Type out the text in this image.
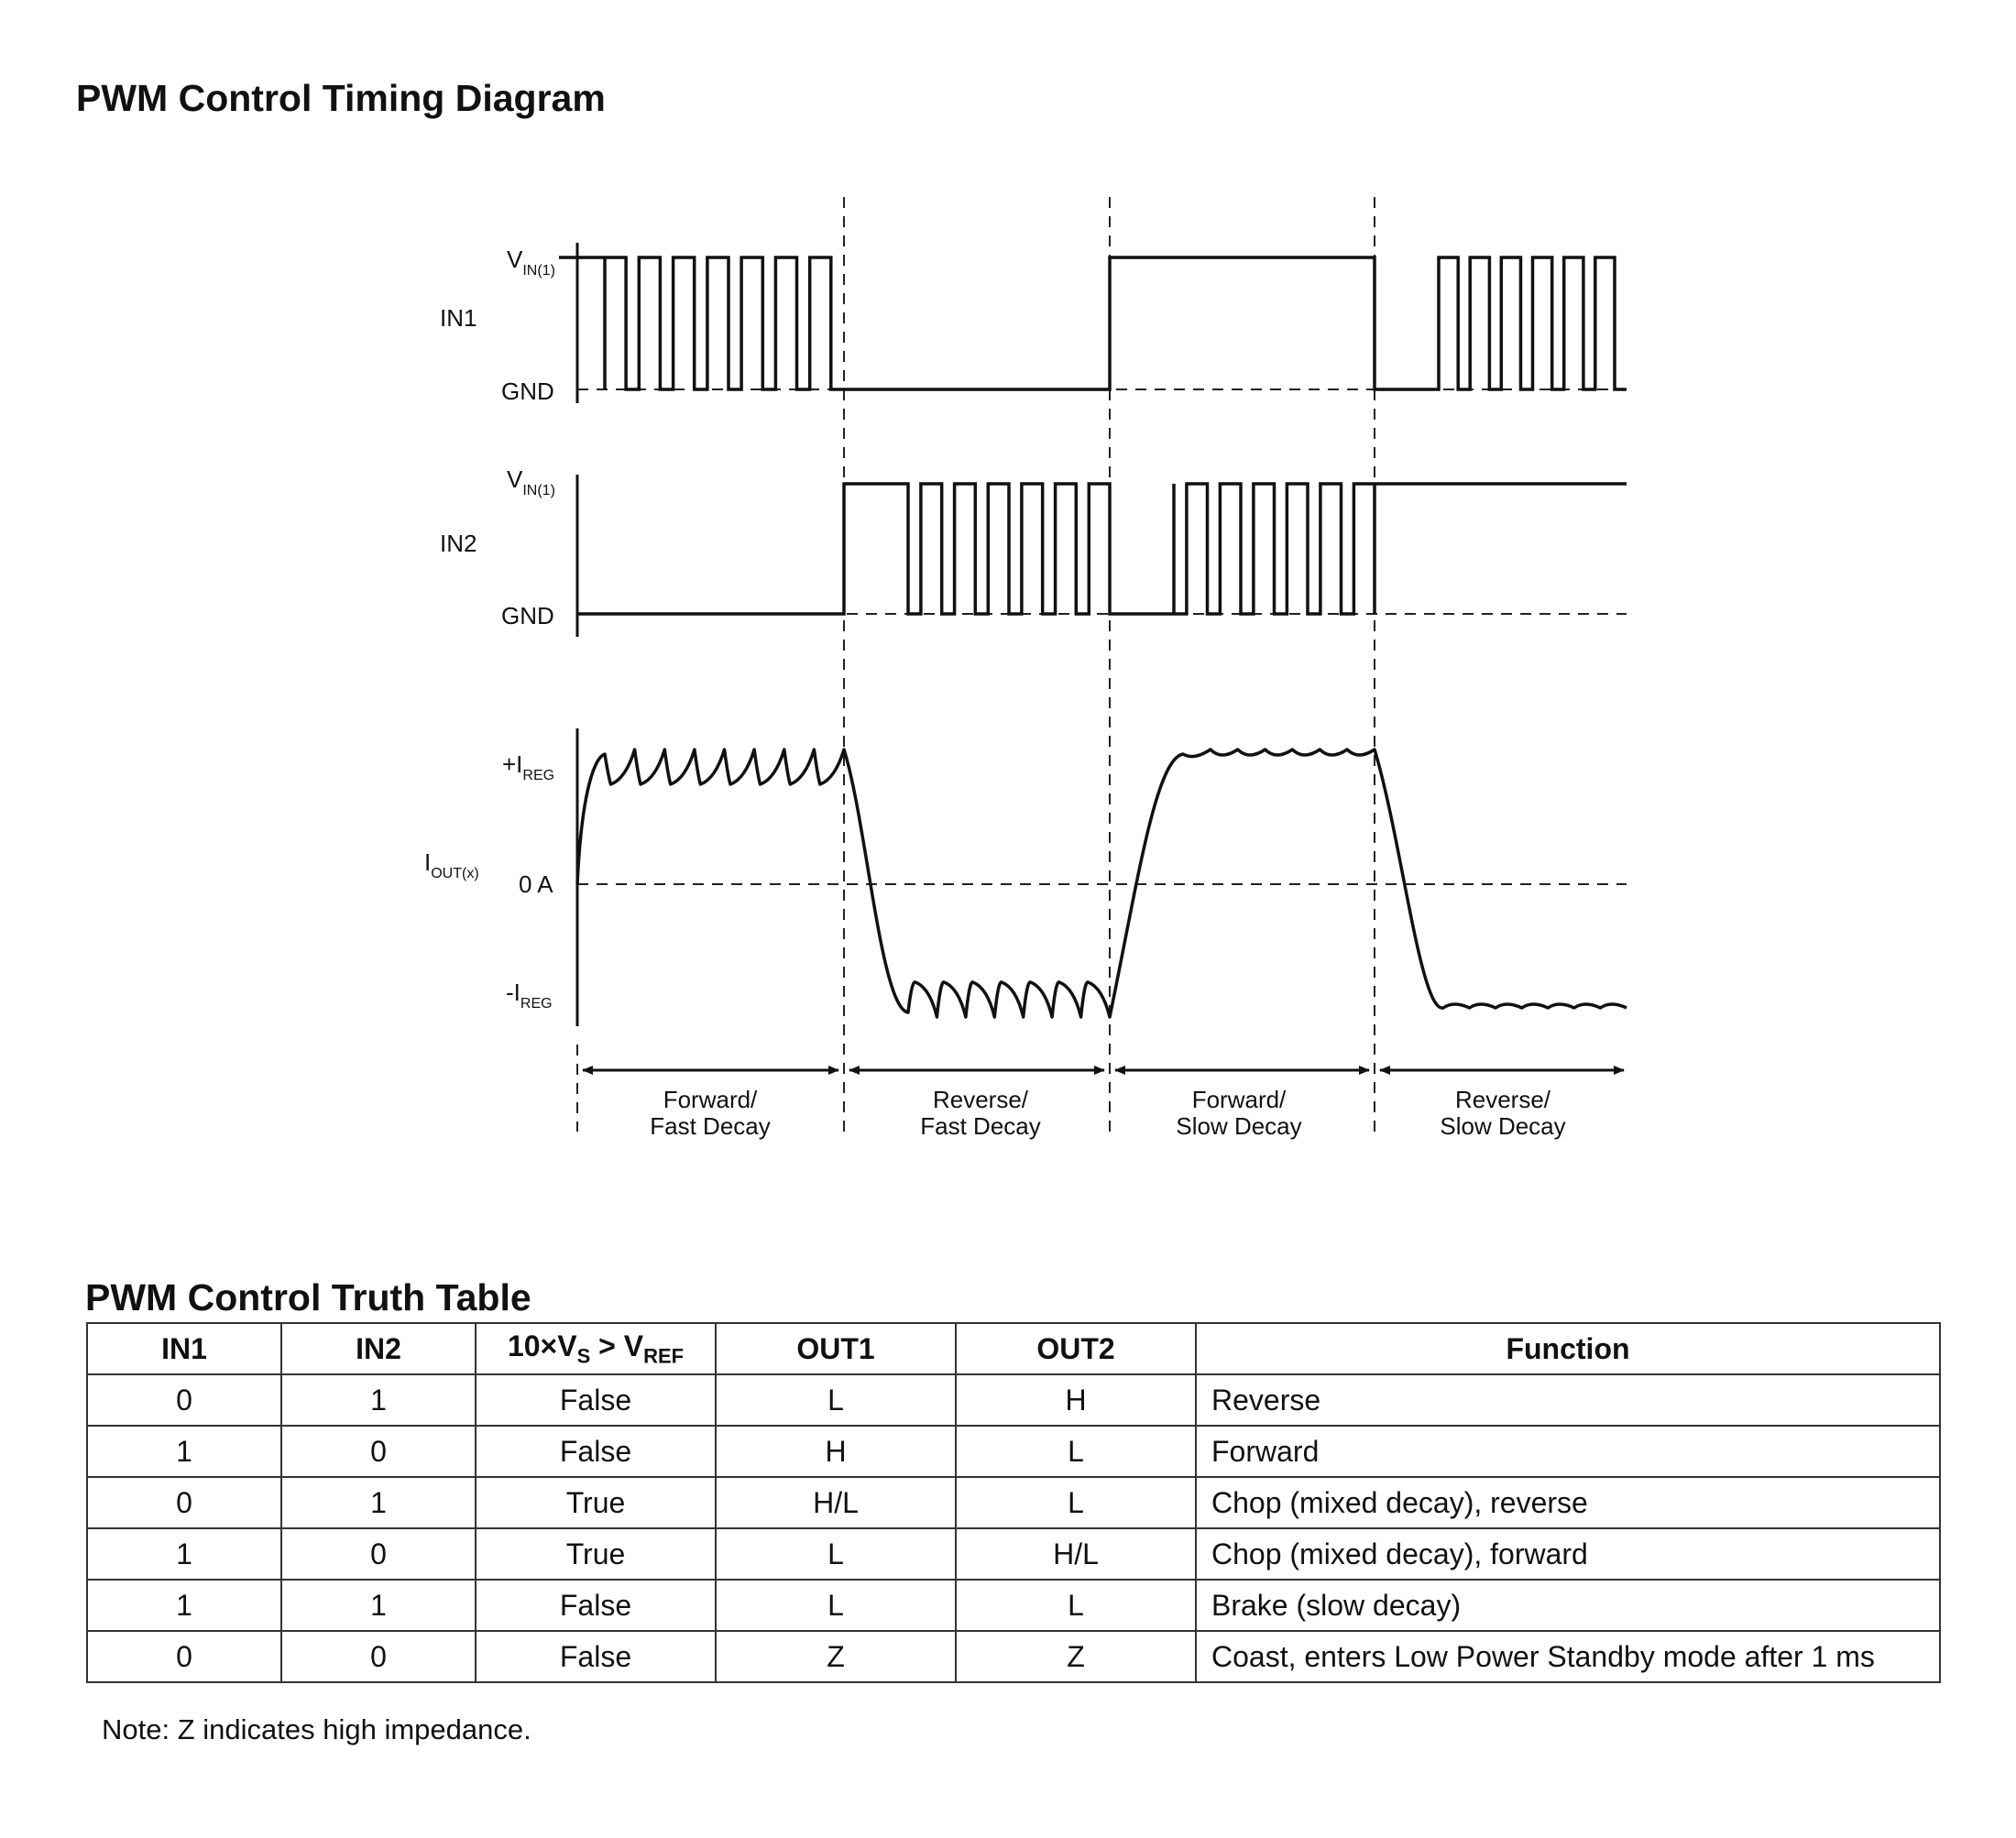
PWM Control Timing Diagram
IN1
$V_{IN(1)}$
GND
IN2
$V_{IN(1)}$
GND
$I_{OUT(x)}$
$+I_{REG}$
0 A
$-I_{REG}$
Forward/
Fast Decay
Reverse/
Fast Decay
Forward/
Slow Decay
Reverse/
Slow Decay
PWM Control Truth Table
IN1	IN2	$10\times V_S > V_{REF}$	OUT1	OUT2	Function
0	1	False	L	H	Reverse
1	0	False	H	L	Forward
0	1	True	H/L	L	Chop (mixed decay), reverse
1	0	True	L	H/L	Chop (mixed decay), forward
1	1	False	L	L	Brake (slow decay)
0	0	False	Z	Z	Coast, enters Low Power Standby mode after 1 ms
Note: Z indicates high impedance.
